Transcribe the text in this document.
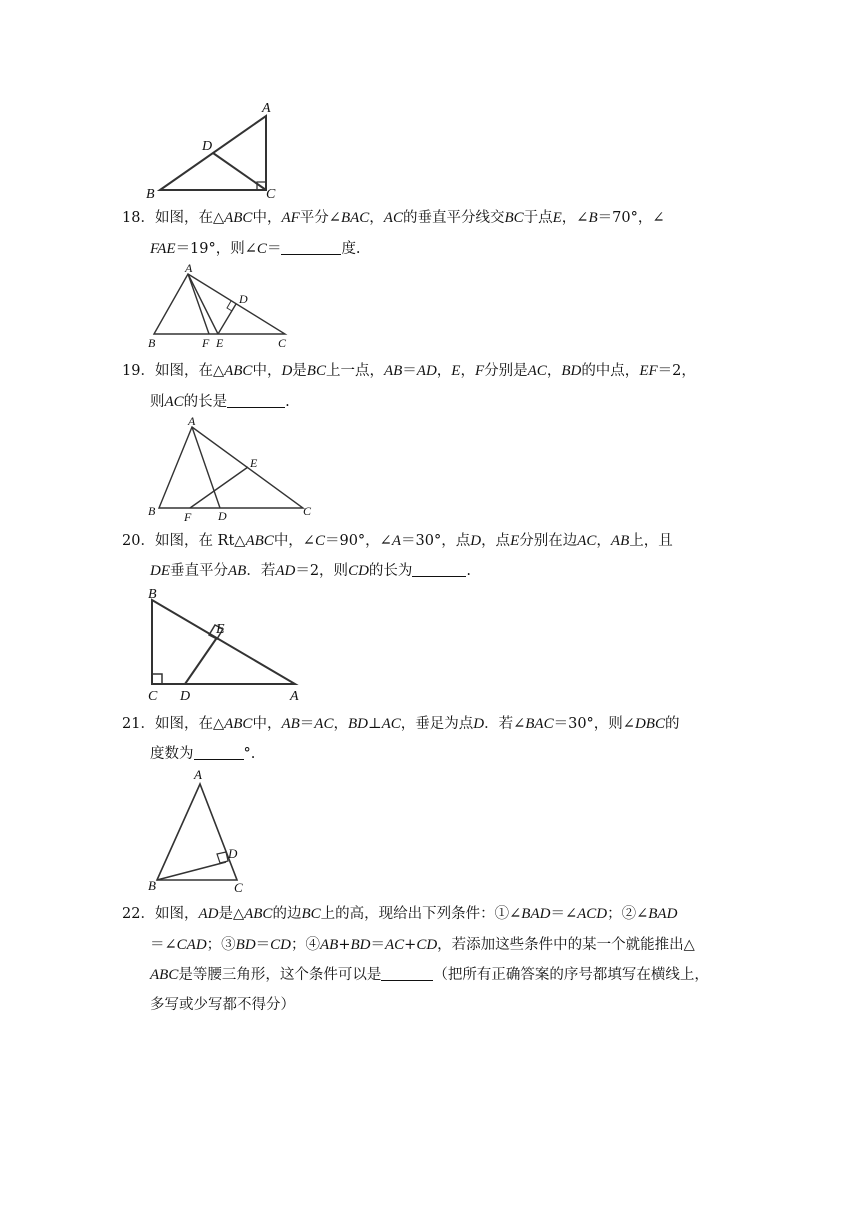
A
B	C
D
18．如图，在△ABC中，AF平分∠BAC，AC的垂直平分线交BC于点E，∠B＝70°，∠
FAE＝19°，则∠C＝	度.
A
B	C
D
E
F
19．如图，在△ABC中，D是BC上一点，AB＝AD，E，F分别是AC，BD的中点，EF＝2，
则AC的长是	.
A
B	C
D
E
F
20．如图，在 Rt△ABC中，∠C＝90°，∠A＝30°，点D，点E分别在边AC，AB上，且
DE垂直平分AB．若AD＝2，则CD的长为	.
B
C D	A
E
21．如图，在△ABC中，AB＝AC，BD⊥AC，垂足为点D．若∠BAC＝30°，则∠DBC的
度数为	°.
A
B	C
D
22．如图，AD是△ABC的边BC上的高，现给出下列条件：①∠BAD＝∠ACD；②∠BAD
＝∠CAD；③BD＝CD；④AB+BD＝AC+CD，若添加这些条件中的某一个就能推出△
ABC是等腰三角形，这个条件可以是	（把所有正确答案的序号都填写在横线上，
多写或少写都不得分）
